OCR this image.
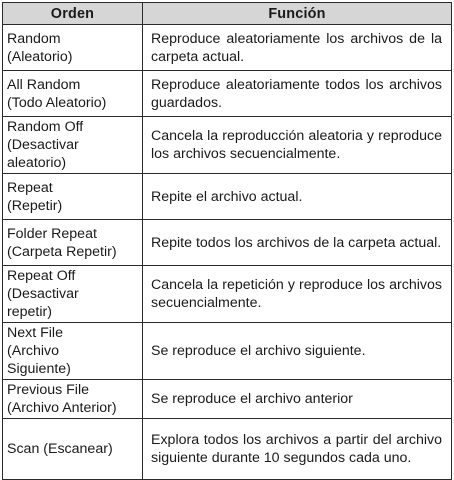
Orden	Función

Random
(Aleatorio)	Reproduce aleatoriamente los archivos de la carpeta actual.

All Random
(Todo Aleatorio)	Reproduce aleatoriamente todos los archivos guardados.

Random Off
(Desactivar
aleatorio)	Cancela la reproducción aleatoria y reproduce los archivos secuencialmente.

Repeat
(Repetir)	Repite el archivo actual.

Folder Repeat
(Carpeta Repetir)	Repite todos los archivos de la carpeta actual.

Repeat Off
(Desactivar
repetir)	Cancela la repetición y reproduce los archivos secuencialmente.

Next File
(Archivo
Siguiente)	Se reproduce el archivo siguiente.

Previous File
(Archivo Anterior)	Se reproduce el archivo anterior

Scan (Escanear)	Explora todos los archivos a partir del archivo siguiente durante 10 segundos cada uno.
